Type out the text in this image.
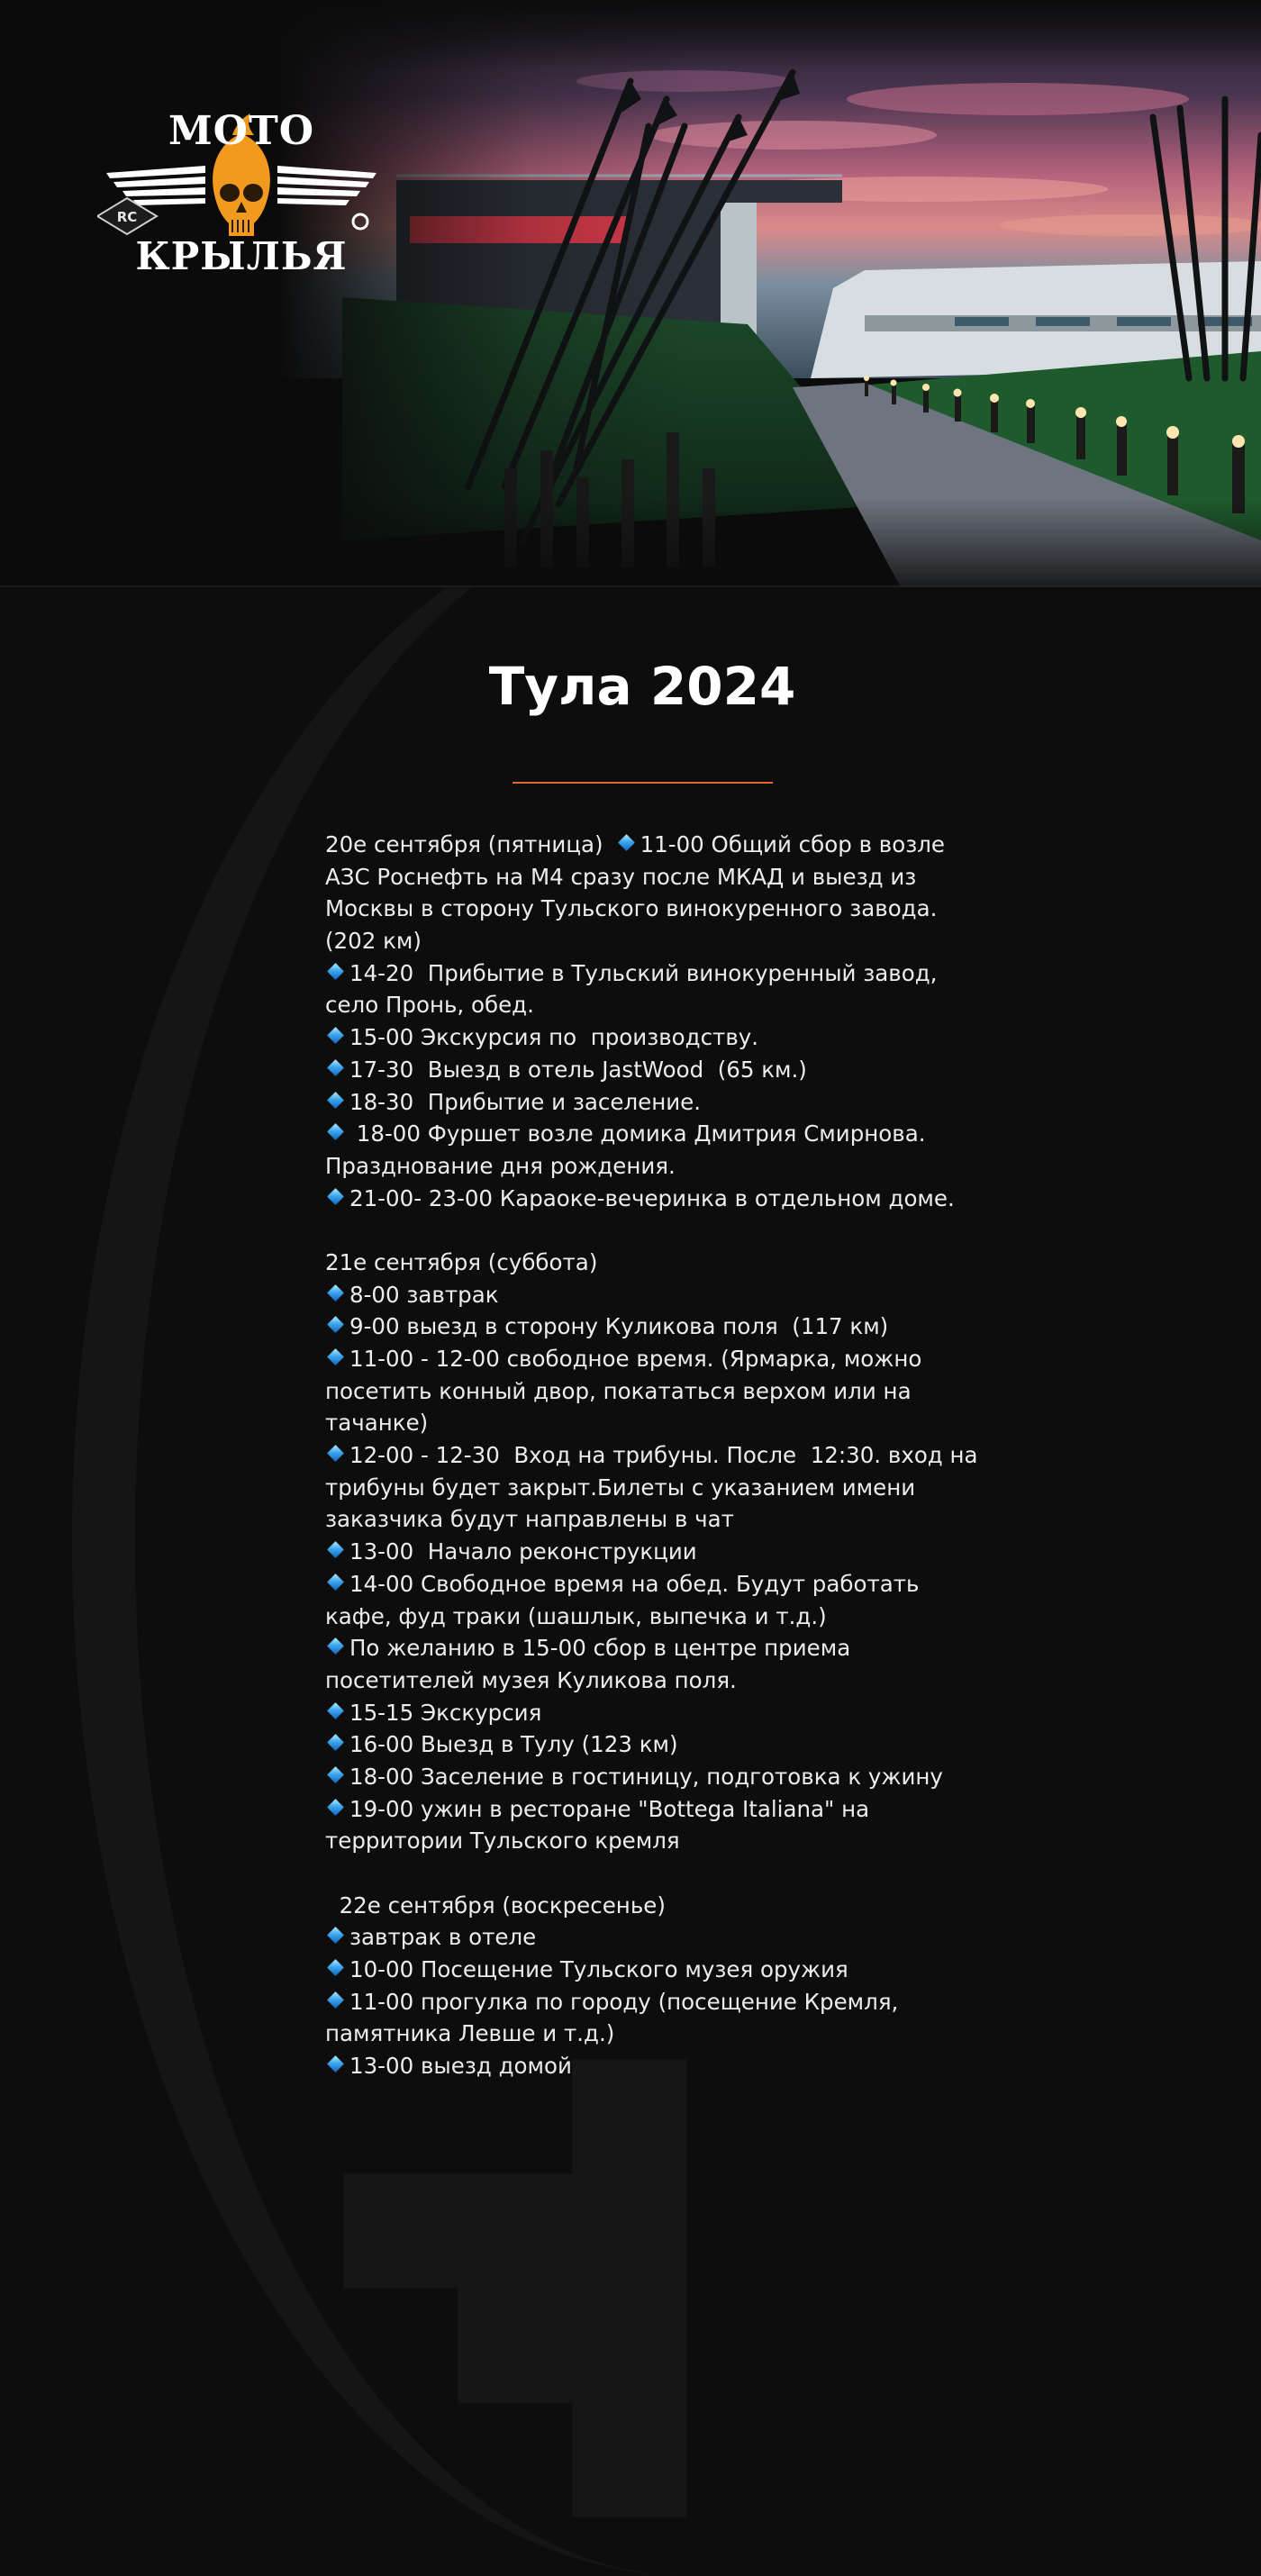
МОТО
RC
КРЫЛЬЯ
Тула 2024
20е сентября (пятница) 11-00 Общий сбор в возле
АЗС Роснефть на М4 сразу после МКАД и выезд из
Москвы в сторону Тульского винокуренного завода.
(202 км)
14-20  Прибытие в Тульский винокуренный завод,
село Пронь, обед.
15-00 Экскурсия по  производству.
17-30  Выезд в отель JastWood  (65 км.)
18-30  Прибытие и заселение.
18-00 Фуршет возле домика Дмитрия Смирнова.
Празднование дня рождения.
21-00- 23-00 Караоке-вечеринка в отдельном доме.
21е сентября (суббота)
8-00 завтрак
9-00 выезд в сторону Куликова поля  (117 км)
11-00 - 12-00 свободное время. (Ярмарка, можно
посетить конный двор, покататься верхом или на
тачанке)
12-00 - 12-30  Вход на трибуны. После  12:30. вход на
трибуны будет закрыт.Билеты с указанием имени
заказчика будут направлены в чат
13-00  Начало реконструкции
14-00 Свободное время на обед. Будут работать
кафе, фуд траки (шашлык, выпечка и т.д.)
По желанию в 15-00 сбор в центре приема
посетителей музея Куликова поля.
15-15 Экскурсия
16-00 Выезд в Тулу (123 км)
18-00 Заселение в гостиницу, подготовка к ужину
19-00 ужин в ресторане "Bottega Italiana" на
территории Тульского кремля
22е сентября (воскресенье)
завтрак в отеле
10-00 Посещение Тульского музея оружия
11-00 прогулка по городу (посещение Кремля,
памятника Левше и т.д.)
13-00 выезд домой
